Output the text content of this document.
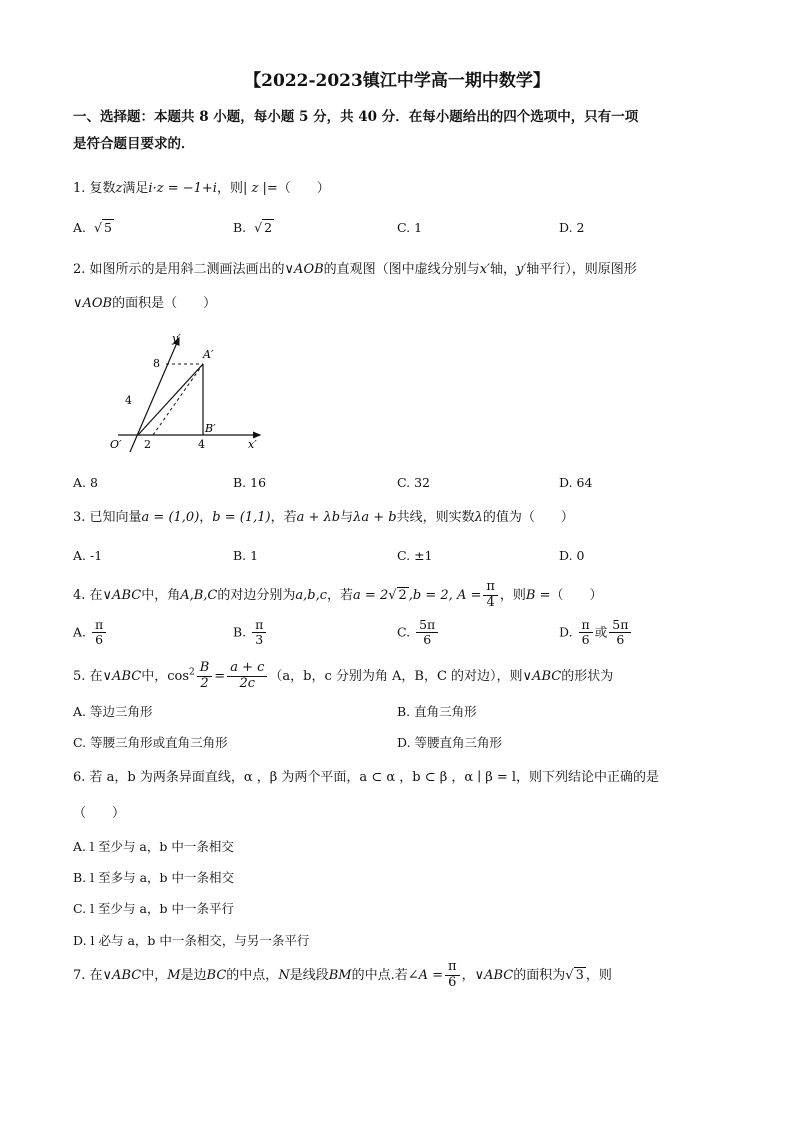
【2022-2023镇江中学高一期中数学】
一、选择题：本题共 8 小题，每小题 5 分，共 40 分．在每小题给出的四个选项中，只有一项
是符合题目要求的．
1. 复数z满足i·z = −1+i，则| z |=（　　）
A. √ 5	B. √ 2	C. 1	D. 2
2. 如图所示的是用斜二测画法画出的∨AOB的直观图（图中虚线分别与x′轴，y′轴平行），则原图形
∨AOB的面积是（　　）
y′
8
4
A′
B′
O′ 2	4	x′
A. 8	B. 16	C. 32	D. 64
3. 已知向量a = (1,0)，b = (1,1)，若a + λb与λa + b共线，则实数λ的值为（　　）
A. -1	B. 1	C. ±1	D. 0
4. 在∨ABC中，角A,B,C的对边分别为a,b,c，若a = 2√ 2 ,b = 2, $A = \frac{\pi}{4}$ ，则B =（　　）
A. $\frac{\pi}{6}$	B. $\frac{\pi}{3}$	C. $\frac{5\pi}{6}$	D. $\frac{\pi}{6}$ 或 $\frac{5\pi}{6}$
5. 在∨ABC中，$\cos^2 \frac{B}{2} = \frac{a + c}{2c} (a$，b，c 分别为角 A，B，C 的对边），则∨ABC的形状为
A. 等边三角形	B. 直角三角形
C. 等腰三角形或直角三角形	D. 等腰直角三角形
6. 若 a，b 为两条异面直线，α ，β 为两个平面，a ⊂ α ，b ⊂ β ，α ∣ β = l，则下列结论中正确的是
（　　）
A. l 至少与 a，b 中一条相交
B. l 至多与 a，b 中一条相交
C. l 至少与 a，b 中一条平行
D. l 必与 a，b 中一条相交，与另一条平行
7. 在∨ABC中，M是边BC的中点，N是线段BM的中点.若∠A = $\frac{\pi}{6}$ ，∨ABC的面积为√ 3 ，则
